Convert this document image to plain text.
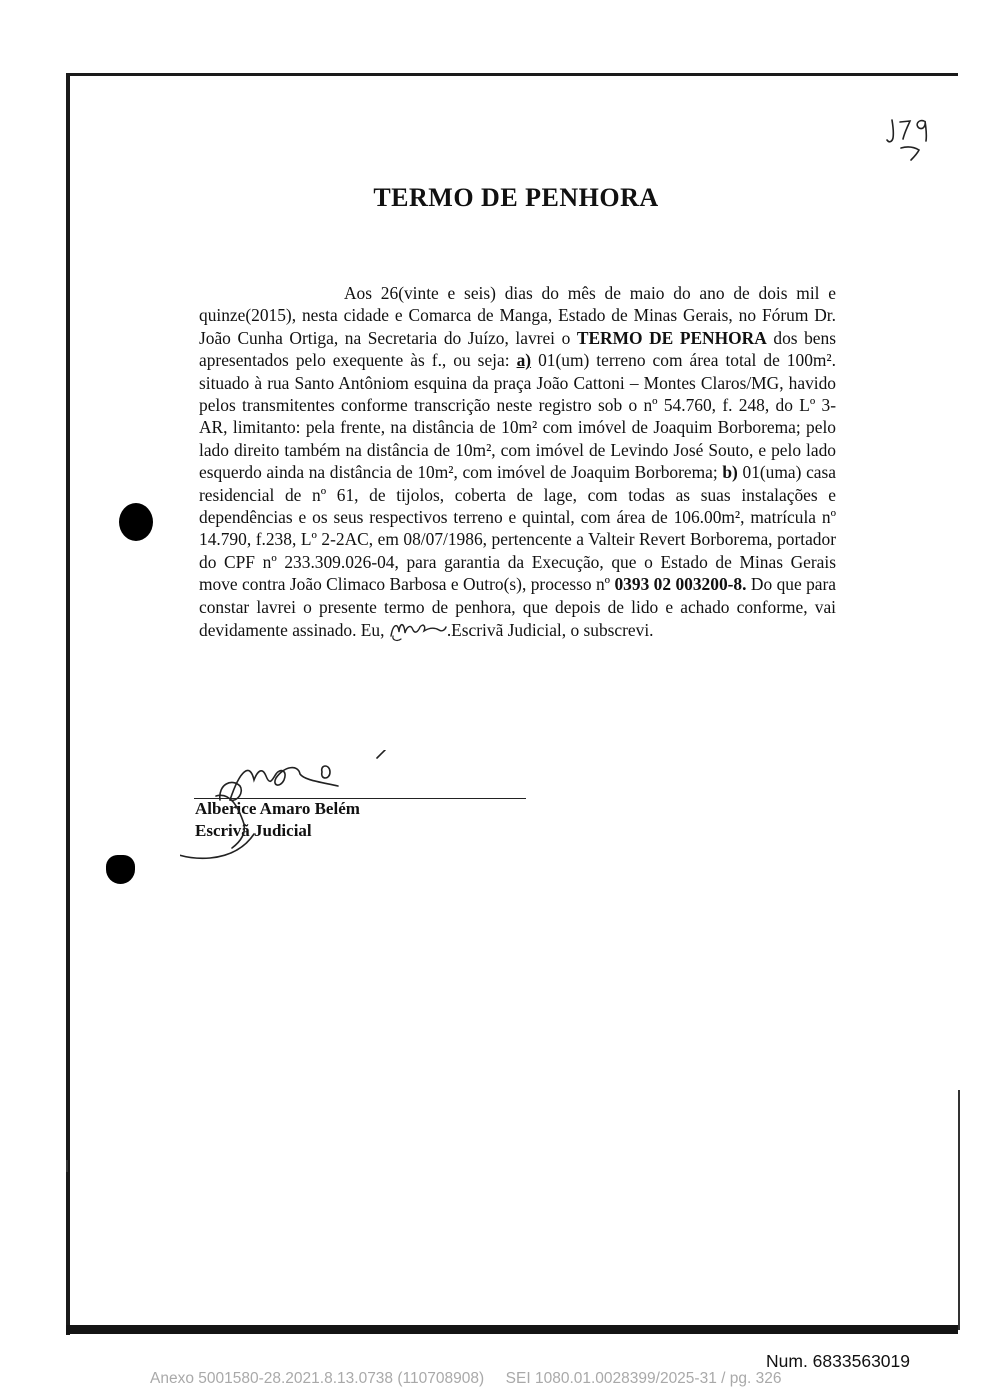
TERMO DE PENHORA

Aos 26(vinte e seis) dias do mês de maio do ano de dois mil e quinze(2015), nesta cidade e Comarca de Manga, Estado de Minas Gerais, no Fórum Dr. João Cunha Ortiga, na Secretaria do Juízo, lavrei o TERMO DE PENHORA dos bens apresentados pelo exequente às f., ou seja: a) 01(um) terreno com área total de 100m². situado à rua Santo Antôniom esquina da praça João Cattoni – Montes Claros/MG, havido pelos transmitentes conforme transcrição neste registro sob o nº 54.760, f. 248, do Lº 3-AR, limitanto: pela frente, na distância de 10m² com imóvel de Joaquim Borborema; pelo lado direito também na distância de 10m², com imóvel de Levindo José Souto, e pelo lado esquerdo ainda na distância de 10m², com imóvel de Joaquim Borborema; b) 01(uma) casa residencial de nº 61, de tijolos, coberta de lage, com todas as suas instalações e dependências e os seus respectivos terreno e quintal, com área de 106.00m², matrícula nº 14.790, f.238, Lº 2-2AC, em 08/07/1986, pertencente a Valteir Revert Borborema, portador do CPF nº 233.309.026-04, para garantia da Execução, que o Estado de Minas Gerais move contra João Climaco Barbosa e Outro(s), processo nº 0393 02 003200-8. Do que para constar lavrei o presente termo de penhora, que depois de lido e achado conforme, vai devidamente assinado. Eu,	.Escrivã Judicial, o subscrevi.

Alberice Amaro Belém
Escrivã Judicial
Num. 6833563019
Anexo 5001580-28.2021.8.13.0738 (110708908) SEI 1080.01.0028399/2025-31 / pg. 326
